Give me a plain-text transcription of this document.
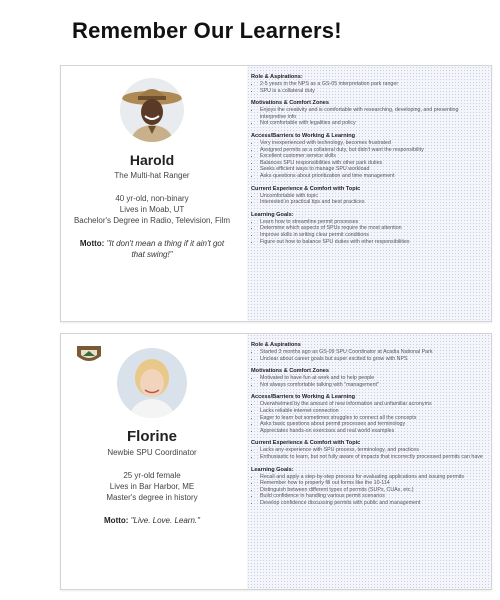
Remember Our Learners!
Harold
The Multi-hat Ranger
40 yr-old, non-binary
Lives in Moab, UT
Bachelor's Degree in Radio, Television, Film
Motto: "It don't mean a thing if it ain't got that swing!"
Role & Aspirations:
• 2-5 years in the NPS as a GS-05 interpretation park ranger
• SPU is a collateral duty
Motivations & Comfort Zones
• Enjoys the creativity and is comfortable with researching, developing, and presenting interpretive info
• Not comfortable with legalities and policy
Access/Barriers to Working & Learning
• Very inexperienced with technology, becomes frustrated
• Assigned permits as a collateral duty, but didn't want the responsibility
• Excellent customer service skills
• Balances SPU responsibilities with other park duties
• Seeks efficient ways to manage SPU workload
• Asks questions about prioritization and time management
Current Experience & Comfort with Topic
• Uncomfortable with topic
• Interested in practical tips and best practices
Learning Goals:
• Learn how to streamline permit processes
• Determine which aspects of SPUs require the most attention
• Improve skills in writing clear permit conditions
• Figure out how to balance SPU duties with other responsibilities
Florine
Newbie SPU Coordinator
25 yr-old female
Lives in Bar Harbor, ME
Master's degree in history
Motto: "Live. Love. Learn."
Role & Aspirations
• Started 3 months ago as GS-09 SPU Coordinator at Acadia National Park
• Unclear about career goals but super excited to grow with NPS
Motivations & Comfort Zones
• Motivated to have fun at work and to help people
• Not always comfortable talking with "management"
Access/Barriers to Working & Learning
• Overwhelmed by the amount of new information and unfamiliar acronyms
• Lacks reliable internet connection
• Eager to learn but sometimes struggles to connect all the concepts
• Asks basic questions about permit processes and terminology
• Appreciates hands-on exercises and real world examples
Current Experience & Comfort with Topic
• Lacks any experience with SPU process, terminology, and practices
• Enthusiastic to learn, but not fully aware of impacts that incorrectly processed permits can have
Learning Goals:
• Recall and apply a step-by-step process for evaluating applications and issuing permits
• Remember how to properly fill out forms like the 10-114
• Distinguish between different types of permits (SUPs, CUAs, etc.)
• Build confidence in handling various permit scenarios
• Develop confidence discussing permits with public and management
